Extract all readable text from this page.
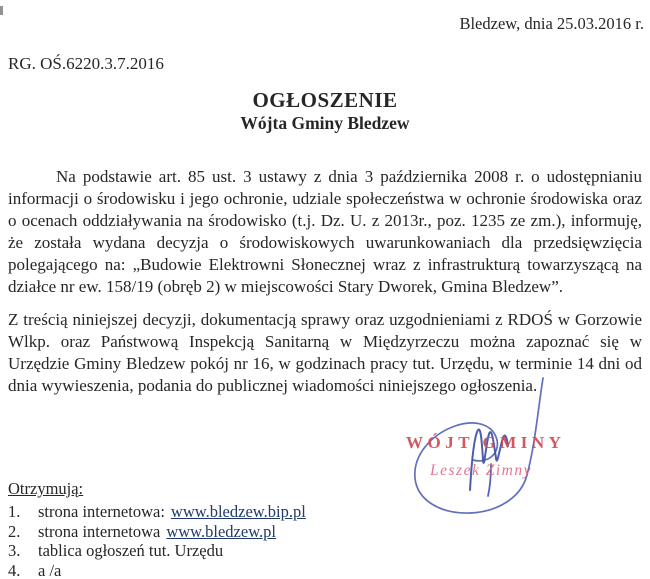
Bledzew, dnia 25.03.2016 r.
RG. OŚ.6220.3.7.2016
OGŁOSZENIE
Wójta Gminy Bledzew
Na podstawie art. 85 ust. 3 ustawy z dnia 3 października 2008 r. o udostępnianiu informacji o środowisku i jego ochronie, udziale społeczeństwa w ochronie środowiska oraz o ocenach oddziaływania na środowisko (t.j. Dz. U. z 2013r., poz. 1235 ze zm.), informuję, że została wydana decyzja o środowiskowych uwarunkowaniach dla przedsięwzięcia polegającego na: „Budowie Elektrowni Słonecznej wraz z infrastrukturą towarzyszącą na działce nr ew. 158/19 (obręb 2) w miejscowości Stary Dworek, Gmina Bledzew”.
Z treścią niniejszej decyzji, dokumentacją sprawy oraz uzgodnieniami z RDOŚ w Gorzowie Wlkp. oraz Państwową Inspekcją Sanitarną w Międzyrzeczu można zapoznać się w Urzędzie Gminy Bledzew pokój nr 16, w godzinach pracy tut. Urzędu, w terminie 14 dni od dnia wywieszenia, podania do publicznej wiadomości niniejszego ogłoszenia.
WÓJT GMINY
Leszek Zimny
Otrzymują:
1.	strona internetowa: www.bledzew.bip.pl
2.	strona internetowa www.bledzew.pl
3.	tablica ogłoszeń tut. Urzędu
4.	a /a
